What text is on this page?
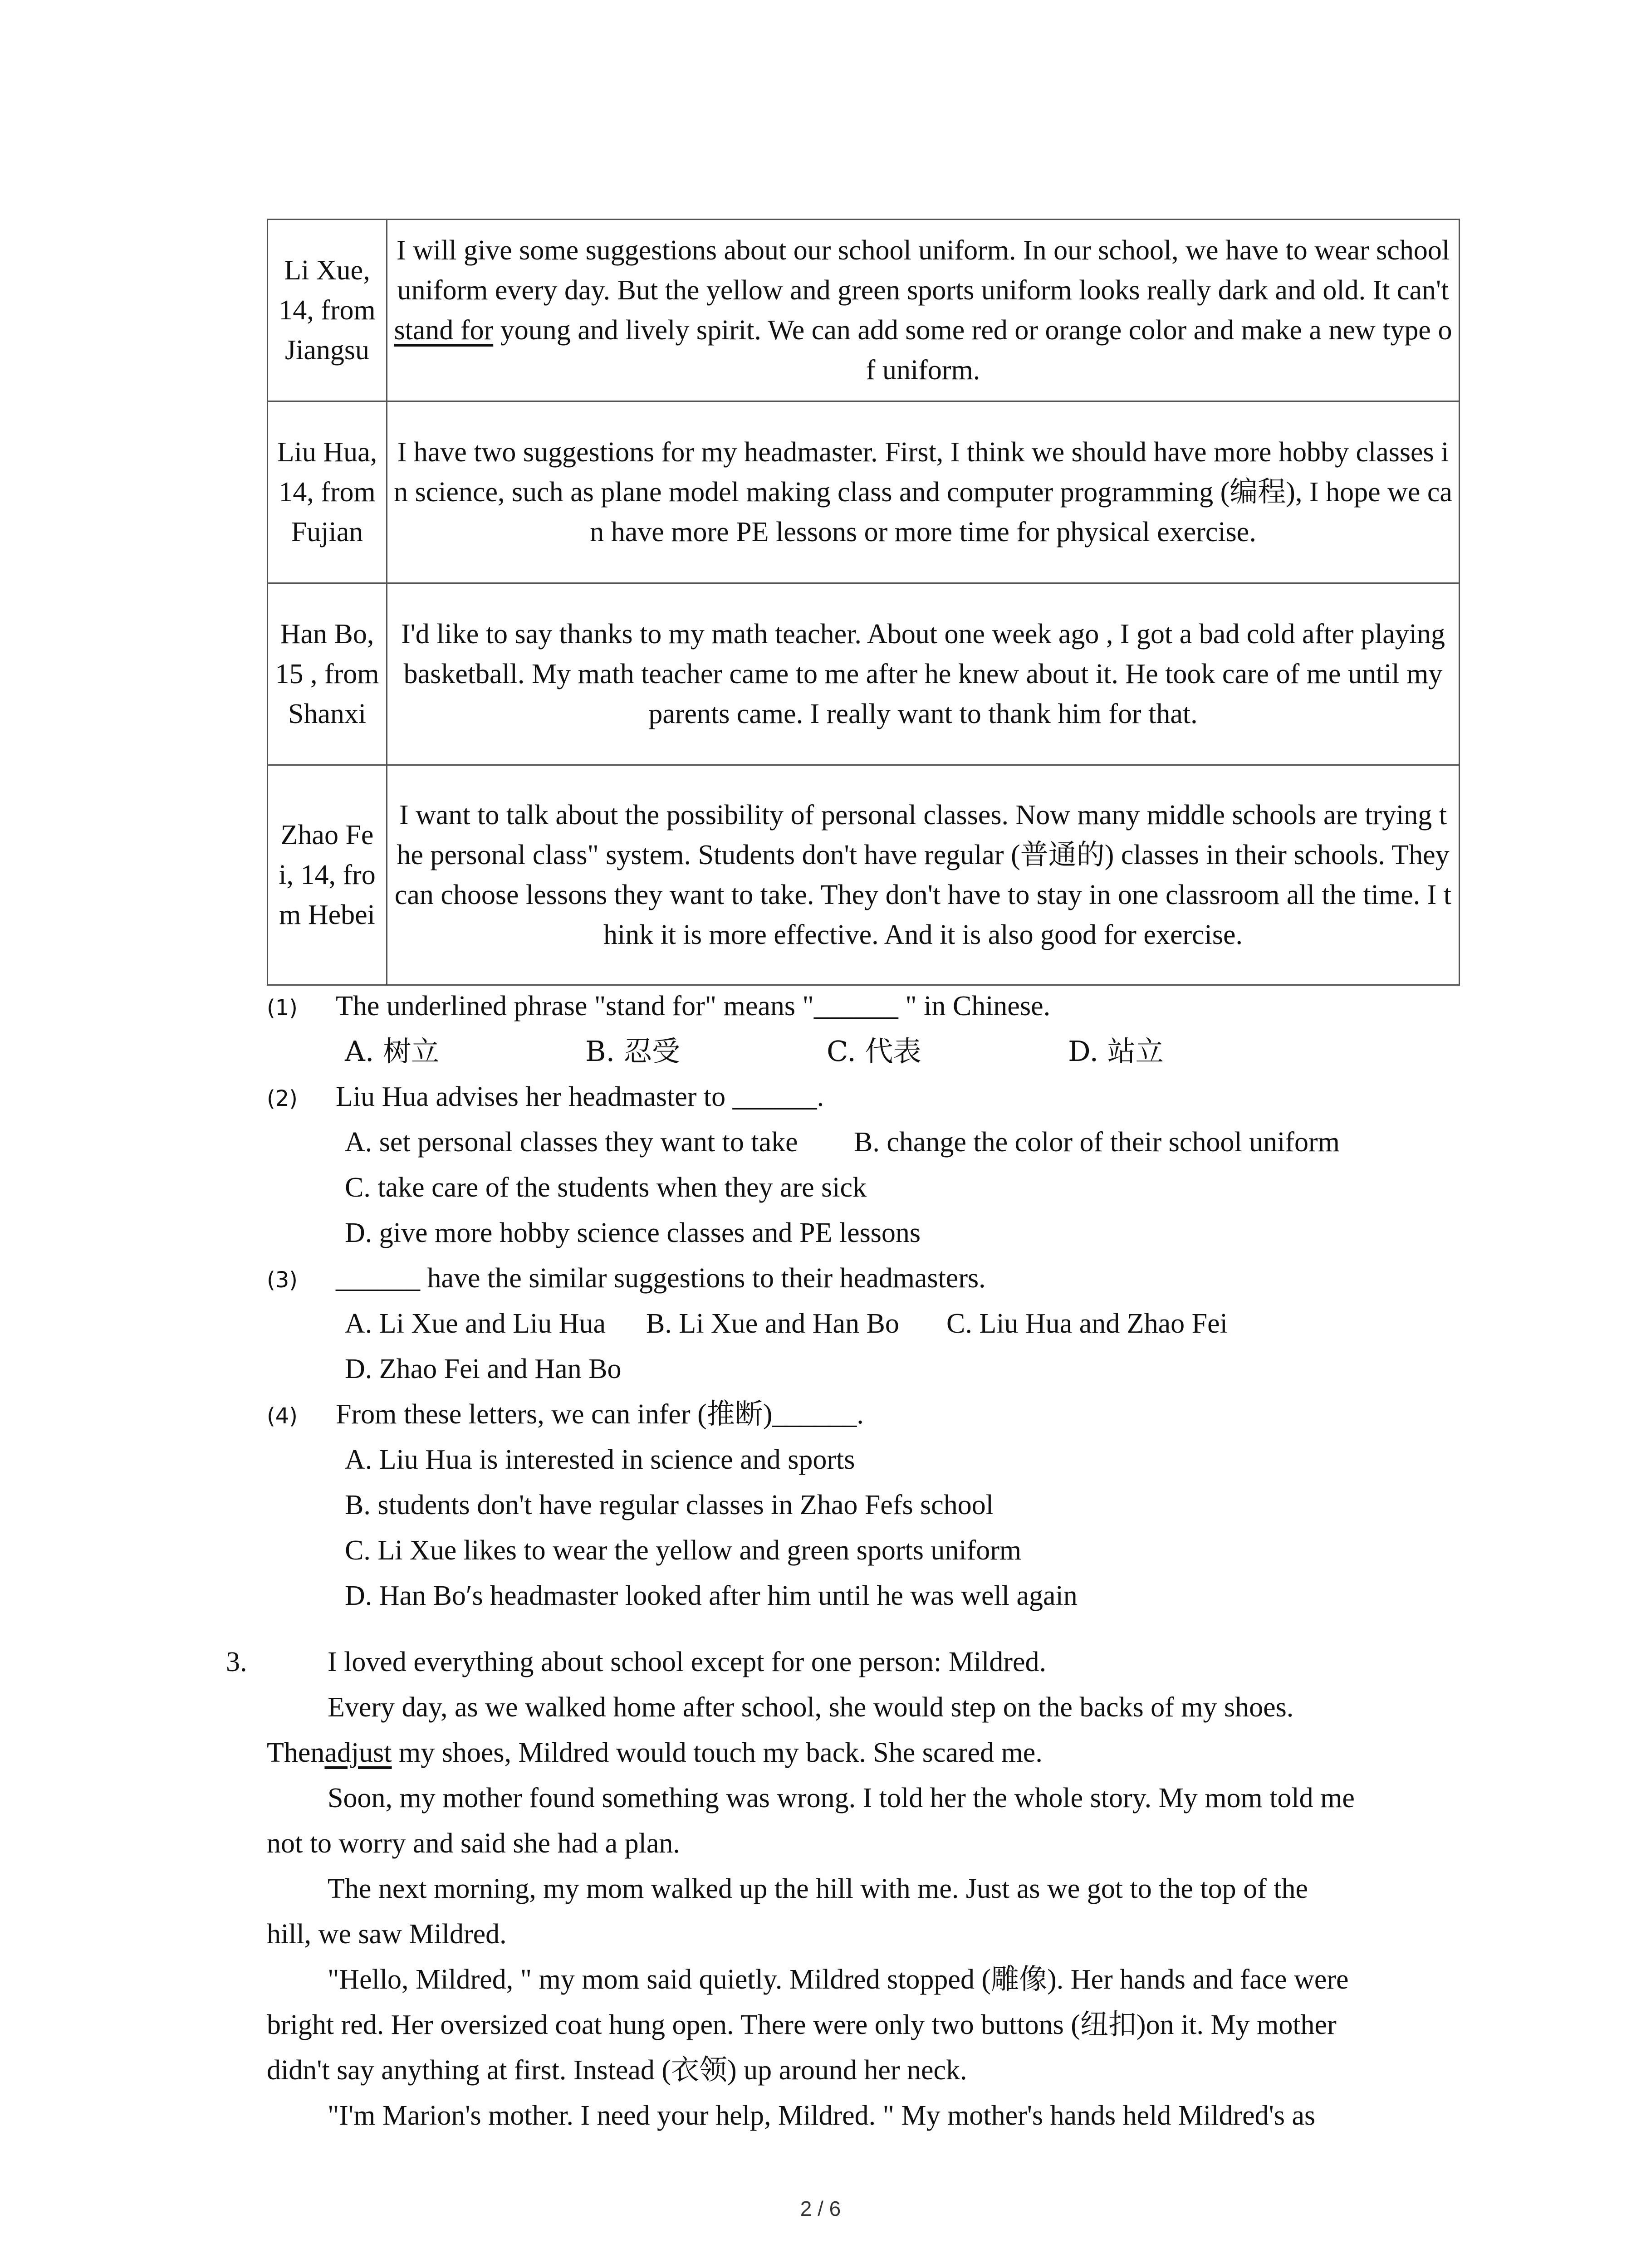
Li Xue, 14, from Jiangsu	I will give some suggestions about our school uniform. In our school, we have to wear school uniform every day. But the yellow and green sports uniform looks really dark and old. It can't stand for young and lively spirit. We can add some red or orange color and make a new type of uniform.
Liu Hua, 14, from Fujian	I have two suggestions for my headmaster. First, I think we should have more hobby classes in science, such as plane model making class and computer programming (编程), I hope we can have more PE lessons or more time for physical exercise.
Han Bo, 15 , from Shanxi	I'd like to say thanks to my math teacher. About one week ago , I got a bad cold after playing basketball. My math teacher came to me after he knew about it. He took care of me until my parents came. I really want to thank him for that.
Zhao Fei, 14, from Hebei	I want to talk about the possibility of personal classes. Now many middle schools are trying the personal class" system. Students don't have regular (普通的) classes in their schools. They can choose lessons they want to take. They don't have to stay in one classroom all the time. I think it is more effective. And it is also good for exercise.
(1) The underlined phrase "stand for" means "______ " in Chinese.
A. 树立	B. 忍受	C. 代表	D. 站立
(2) Liu Hua advises her headmaster to ______.
A. set personal classes they want to take B. change the color of their school uniform
C. take care of the students when they are sick
D. give more hobby science classes and PE lessons
(3) ______ have the similar suggestions to their headmasters.
A. Li Xue and Liu Hua B. Li Xue and Han Bo C. Liu Hua and Zhao Fei
D. Zhao Fei and Han Bo
(4) From these letters, we can infer (推断)______.
A. Liu Hua is interested in science and sports
B. students don't have regular classes in Zhao Fefs school
C. Li Xue likes to wear the yellow and green sports uniform
D. Han Bo′s headmaster looked after him until he was well again
3.	I loved everything about school except for one person: Mildred.
Every day, as we walked home after school, she would step on the backs of my shoes.
Thenadjust my shoes, Mildred would touch my back. She scared me.
Soon, my mother found something was wrong. I told her the whole story. My mom told me
not to worry and said she had a plan.
The next morning, my mom walked up the hill with me. Just as we got to the top of the
hill, we saw Mildred.
"Hello, Mildred, " my mom said quietly. Mildred stopped (雕像). Her hands and face were
bright red. Her oversized coat hung open. There were only two buttons (纽扣)on it. My mother
didn't say anything at first. Instead (衣领) up around her neck.
"I'm Marion's mother. I need your help, Mildred. " My mother's hands held Mildred's as
2 / 6
